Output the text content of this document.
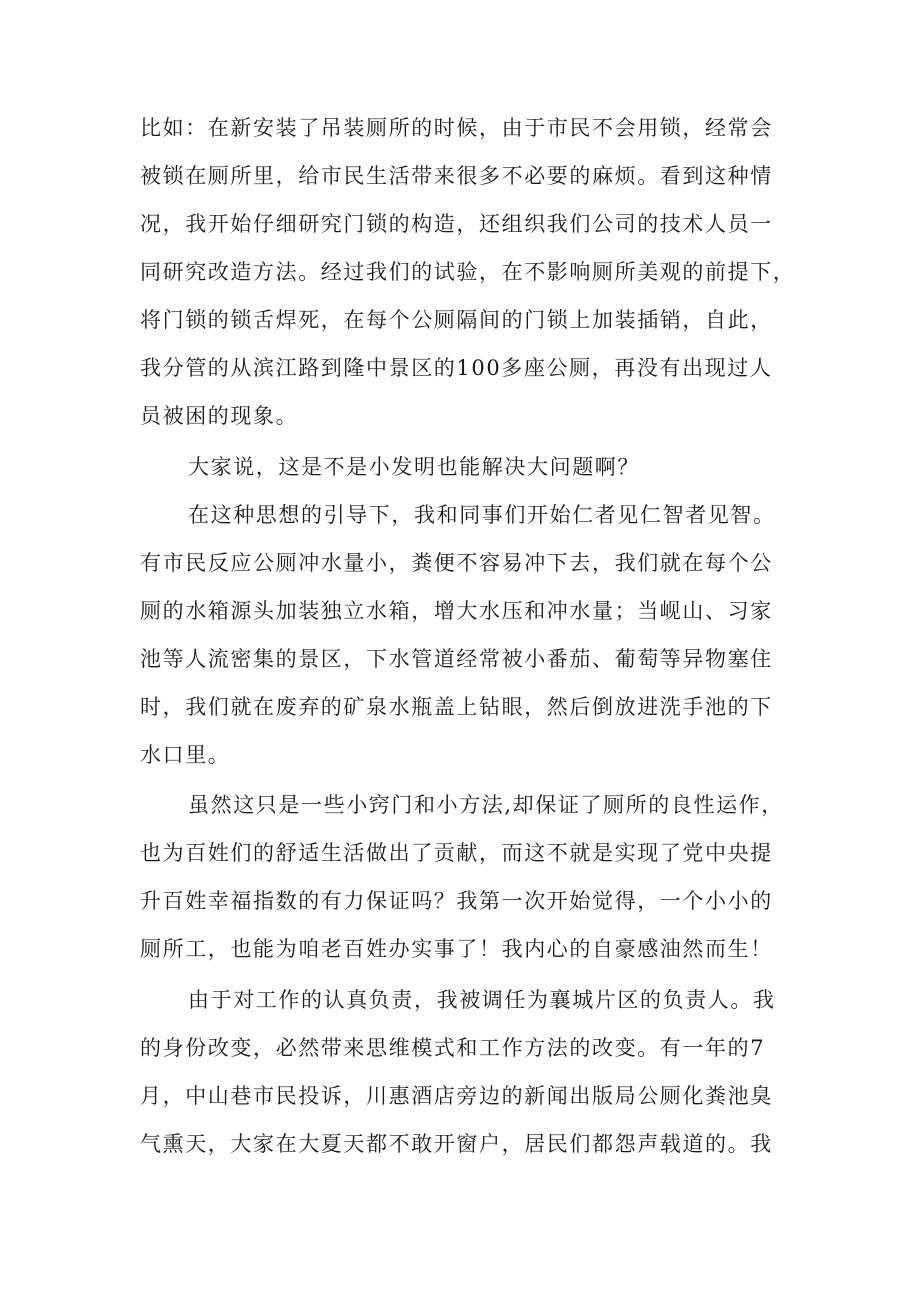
比如：在新安装了吊装厕所的时候，由于市民不会用锁，经常会
被锁在厕所里，给市民生活带来很多不必要的麻烦。看到这种情
况，我开始仔细研究门锁的构造，还组织我们公司的技术人员一
同研究改造方法。经过我们的试验，在不影响厕所美观的前提下，
将门锁的锁舌焊死，在每个公厕隔间的门锁上加装插销，自此，
我分管的从滨江路到隆中景区的100多座公厕，再没有出现过人
员被困的现象。
大家说，这是不是小发明也能解决大问题啊？
在这种思想的引导下，我和同事们开始仁者见仁智者见智。
有市民反应公厕冲水量小，粪便不容易冲下去，我们就在每个公
厕的水箱源头加装独立水箱，增大水压和冲水量；当岘山、习家
池等人流密集的景区，下水管道经常被小番茄、葡萄等异物塞住
时，我们就在废弃的矿泉水瓶盖上钻眼，然后倒放进洗手池的下
水口里。
虽然这只是一些小窍门和小方法,却保证了厕所的良性运作，
也为百姓们的舒适生活做出了贡献，而这不就是实现了党中央提
升百姓幸福指数的有力保证吗？我第一次开始觉得，一个小小的
厕所工，也能为咱老百姓办实事了！我内心的自豪感油然而生！
由于对工作的认真负责，我被调任为襄城片区的负责人。我
的身份改变，必然带来思维模式和工作方法的改变。有一年的7
月，中山巷市民投诉，川惠酒店旁边的新闻出版局公厕化粪池臭
气熏天，大家在大夏天都不敢开窗户，居民们都怨声载道的。我
